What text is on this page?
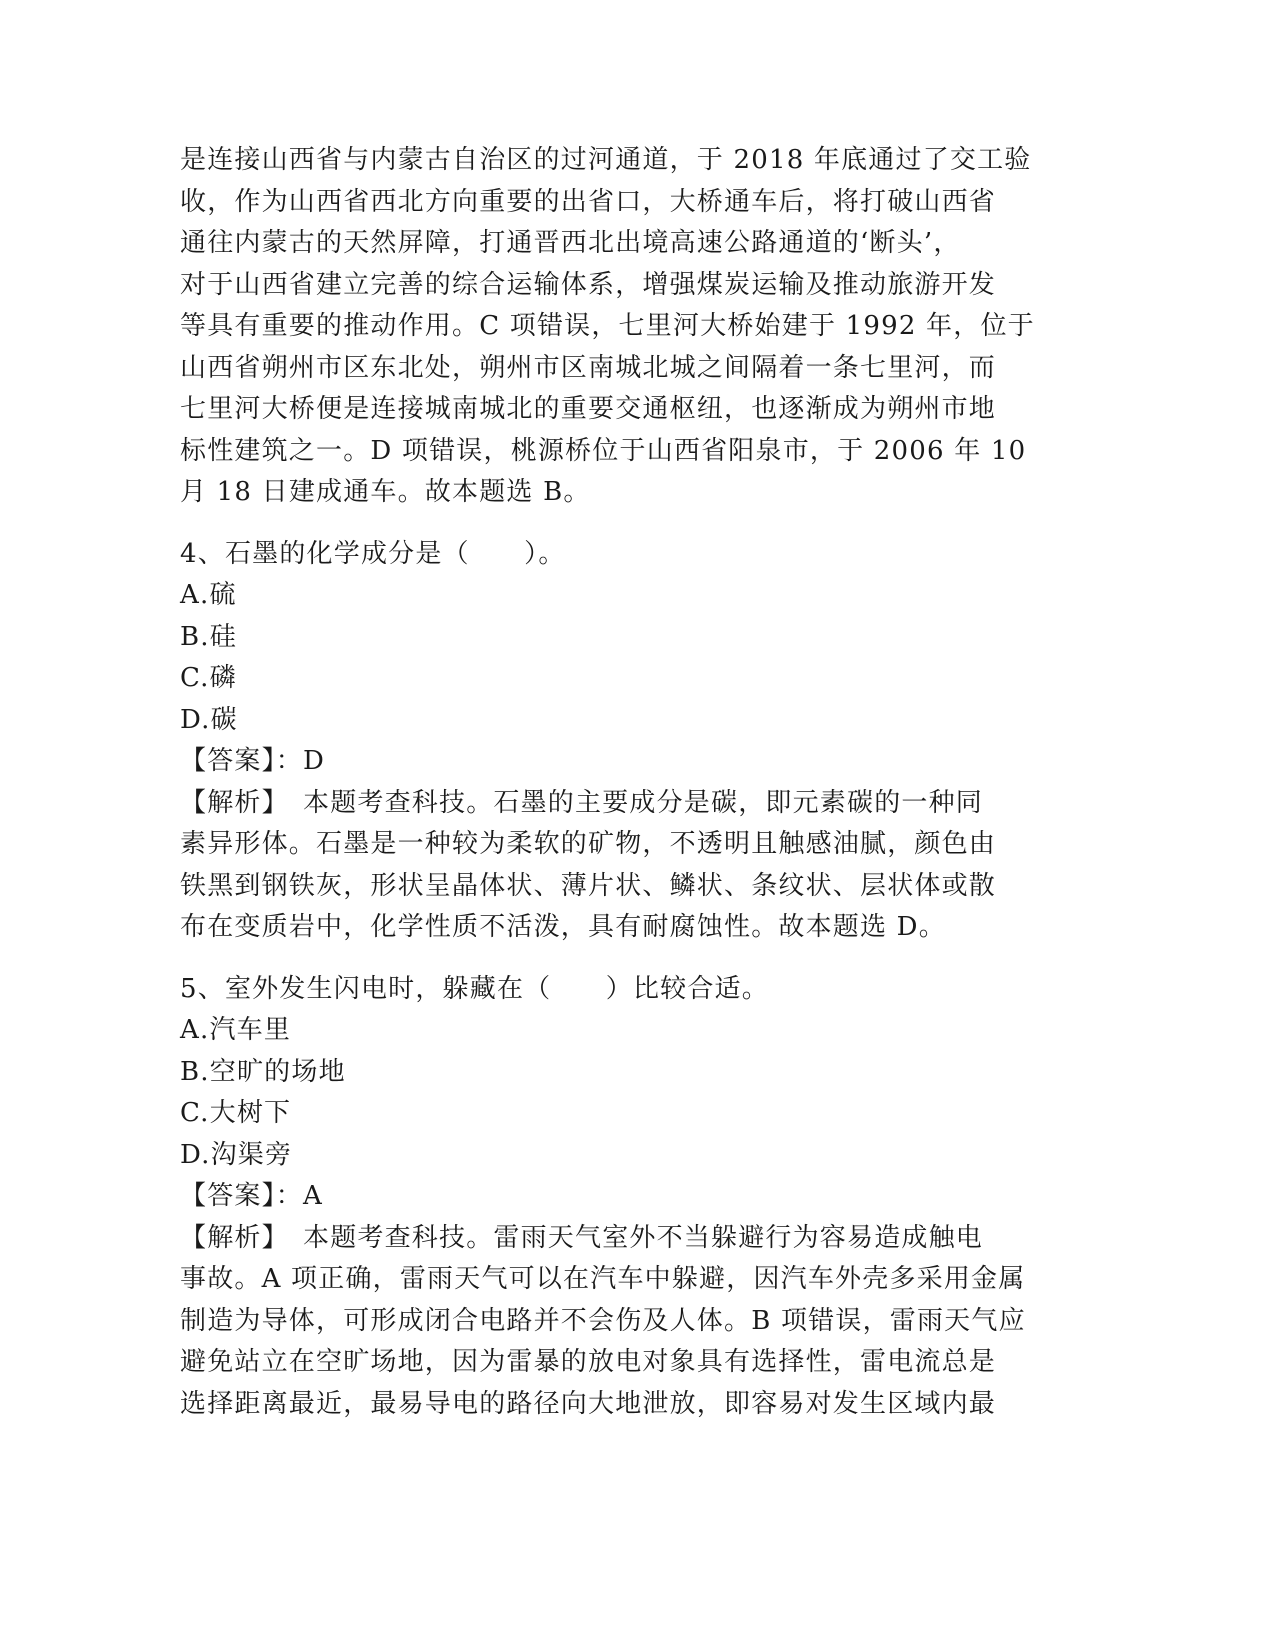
是连接山西省与内蒙古自治区的过河通道，于 2018 年底通过了交工验
收，作为山西省西北方向重要的出省口，大桥通车后，将打破山西省
通往内蒙古的天然屏障，打通晋西北出境高速公路通道的‘断头’，
对于山西省建立完善的综合运输体系，增强煤炭运输及推动旅游开发
等具有重要的推动作用。C 项错误，七里河大桥始建于 1992 年，位于
山西省朔州市区东北处，朔州市区南城北城之间隔着一条七里河，而
七里河大桥便是连接城南城北的重要交通枢纽，也逐渐成为朔州市地
标性建筑之一。D 项错误，桃源桥位于山西省阳泉市，于 2006 年 10
月 18 日建成通车。故本题选 B。
4、石墨的化学成分是（　　）。
A.硫
B.硅
C.磷
D.碳
【答案】：D
【解析】　本题考查科技。石墨的主要成分是碳，即元素碳的一种同
素异形体。石墨是一种较为柔软的矿物，不透明且触感油腻，颜色由
铁黑到钢铁灰，形状呈晶体状、薄片状、鳞状、条纹状、层状体或散
布在变质岩中，化学性质不活泼，具有耐腐蚀性。故本题选 D。
5、室外发生闪电时，躲藏在（　　）比较合适。
A.汽车里
B.空旷的场地
C.大树下
D.沟渠旁
【答案】：A
【解析】　本题考查科技。雷雨天气室外不当躲避行为容易造成触电
事故。A 项正确，雷雨天气可以在汽车中躲避，因汽车外壳多采用金属
制造为导体，可形成闭合电路并不会伤及人体。B 项错误，雷雨天气应
避免站立在空旷场地，因为雷暴的放电对象具有选择性，雷电流总是
选择距离最近，最易导电的路径向大地泄放，即容易对发生区域内最
